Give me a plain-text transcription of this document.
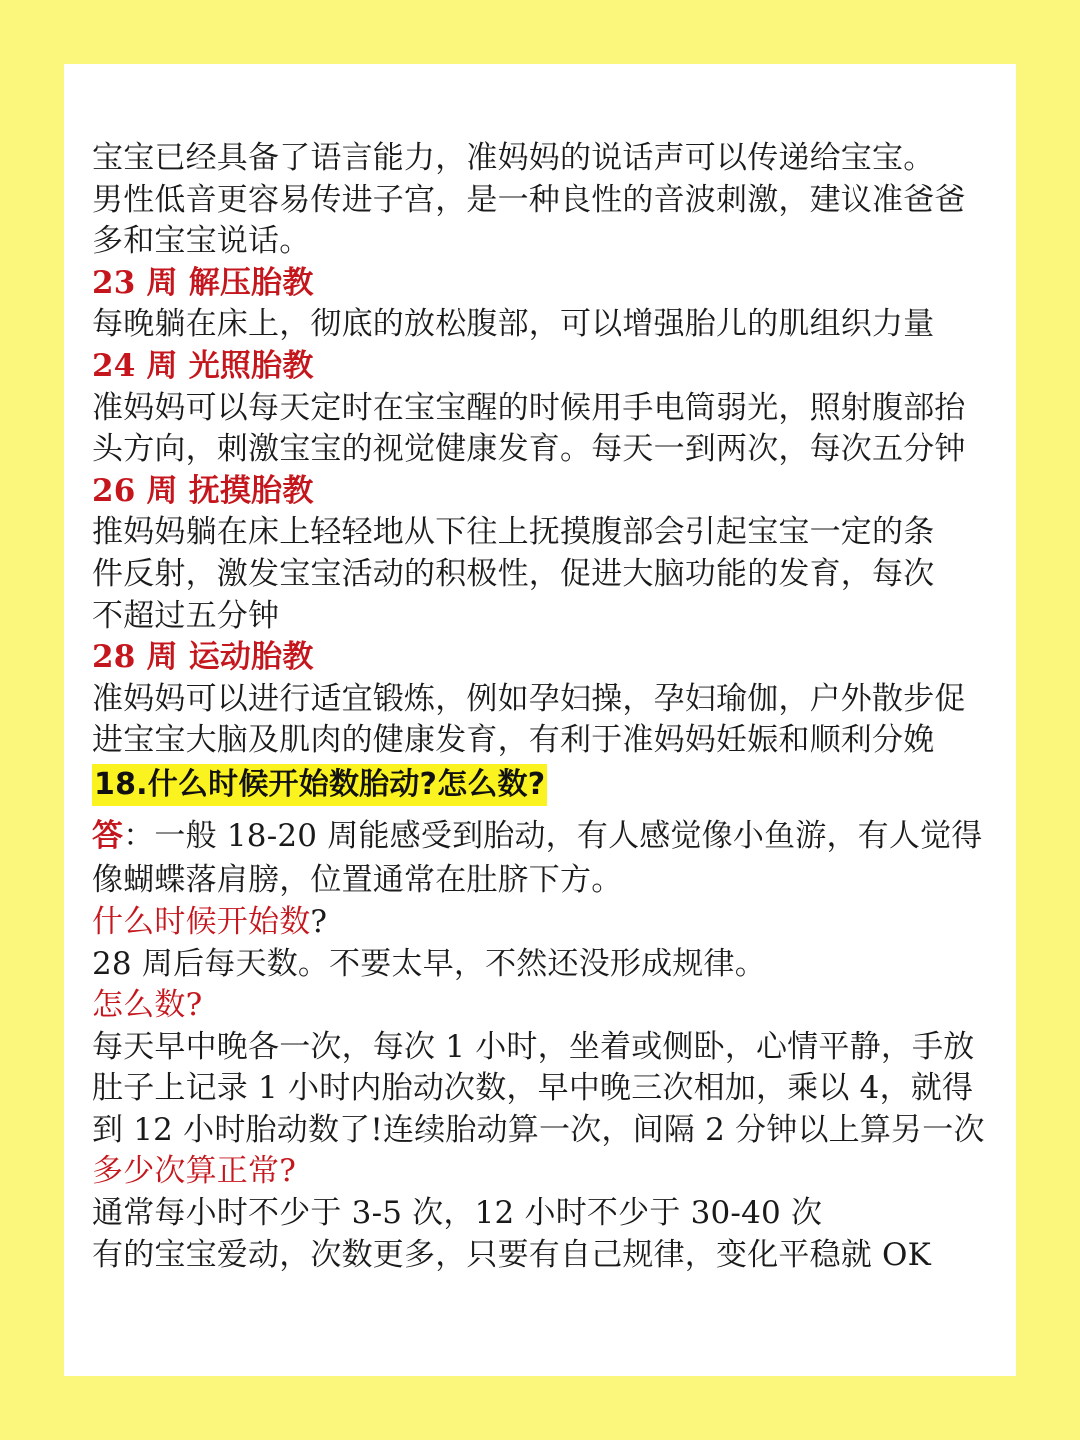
宝宝已经具备了语言能力，准妈妈的说话声可以传递给宝宝。

男性低音更容易传进子宫，是一种良性的音波刺激，建议准爸爸

多和宝宝说话。

23 周 解压胎教

每晚躺在床上，彻底的放松腹部，可以增强胎儿的肌组织力量

24 周 光照胎教

准妈妈可以每天定时在宝宝醒的时候用手电筒弱光，照射腹部抬

头方向，刺激宝宝的视觉健康发育。每天一到两次，每次五分钟

26 周 抚摸胎教

推妈妈躺在床上轻轻地从下往上抚摸腹部会引起宝宝一定的条

件反射，激发宝宝活动的积极性，促进大脑功能的发育，每次

不超过五分钟

28 周 运动胎教

准妈妈可以进行适宜锻炼，例如孕妇操，孕妇瑜伽，户外散步促

进宝宝大脑及肌肉的健康发育，有利于准妈妈妊娠和顺利分娩

18.什么时候开始数胎动?怎么数?

答：一般 18-20 周能感受到胎动，有人感觉像小鱼游，有人觉得

像蝴蝶落肩膀，位置通常在肚脐下方。

什么时候开始数?

28 周后每天数。不要太早，不然还没形成规律。

怎么数?

每天早中晚各一次，每次 1 小时，坐着或侧卧，心情平静，手放

肚子上记录 1 小时内胎动次数，早中晚三次相加，乘以 4，就得

到 12 小时胎动数了!连续胎动算一次，间隔 2 分钟以上算另一次

多少次算正常?

通常每小时不少于 3-5 次，12 小时不少于 30-40 次

有的宝宝爱动，次数更多，只要有自己规律，变化平稳就 OK
